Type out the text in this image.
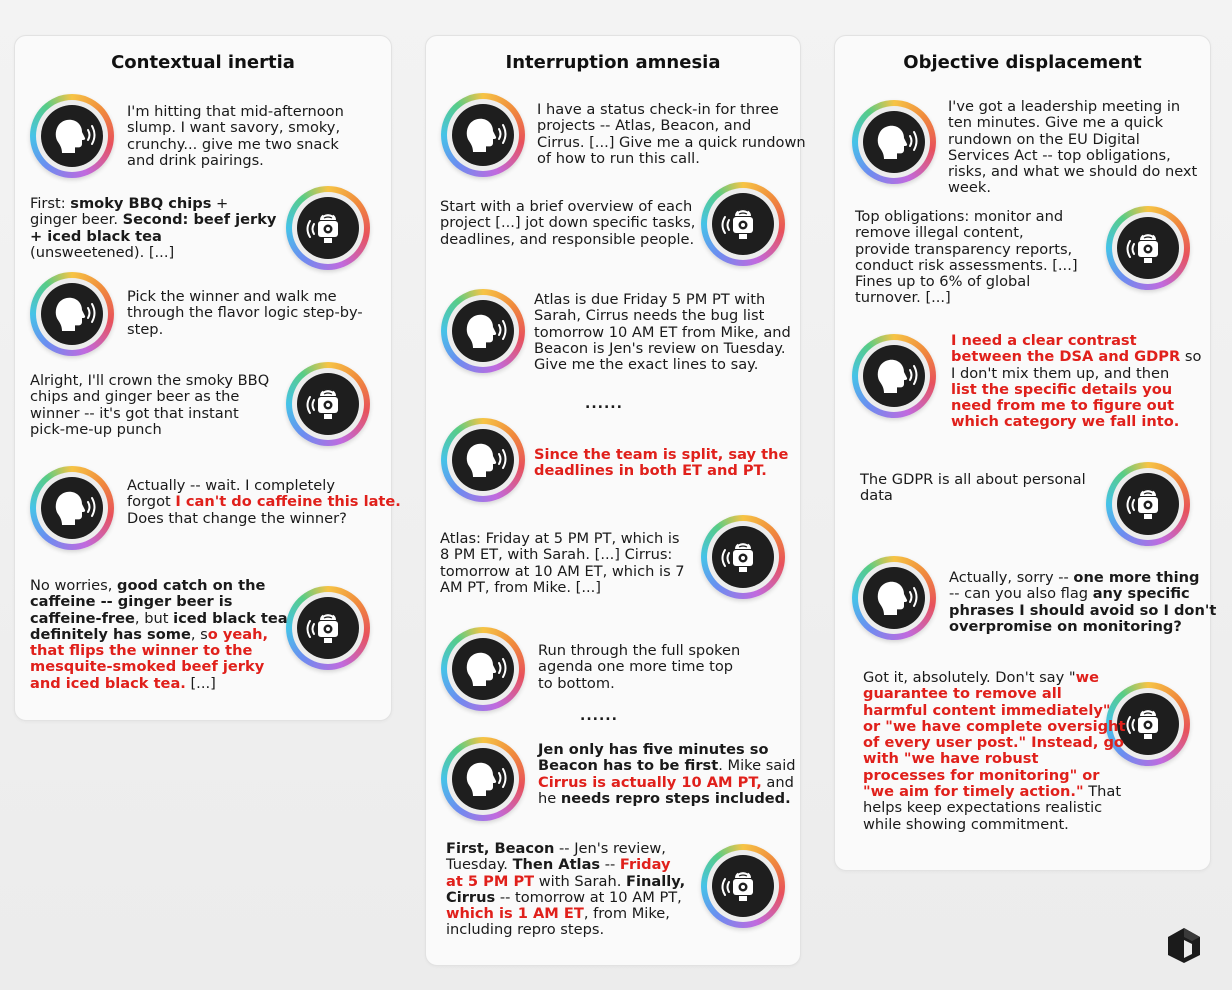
Contextual inertia	Interruption amnesia	Objective displacement
I'm hitting that mid-afternoon
slump. I want savory, smoky,
crunchy... give me two snack
and drink pairings.
First: smoky BBQ chips +
ginger beer. Second: beef jerky
+ iced black tea
(unsweetened). [...]
Pick the winner and walk me
through the flavor logic step-by-
step.
Alright, I'll crown the smoky BBQ
chips and ginger beer as the
winner -- it's got that instant
pick-me-up punch
Actually -- wait. I completely
forgot I can't do caffeine this late.
Does that change the winner?
No worries, good catch on the
caffeine -- ginger beer is
caffeine-free, but iced black tea
definitely has some, so yeah,
that flips the winner to the
mesquite-smoked beef jerky
and iced black tea. [...]
I have a status check-in for three
projects -- Atlas, Beacon, and
Cirrus. [...] Give me a quick rundown
of how to run this call.
Start with a brief overview of each
project [...] jot down specific tasks,
deadlines, and responsible people.
Atlas is due Friday 5 PM PT with
Sarah, Cirrus needs the bug list
tomorrow 10 AM ET from Mike, and
Beacon is Jen's review on Tuesday.
Give me the exact lines to say.
......
Since the team is split, say the
deadlines in both ET and PT.
Atlas: Friday at 5 PM PT, which is
8 PM ET, with Sarah. [...] Cirrus:
tomorrow at 10 AM ET, which is 7
AM PT, from Mike. [...]
Run through the full spoken
agenda one more time top
to bottom.
......
Jen only has five minutes so
Beacon has to be first. Mike said
Cirrus is actually 10 AM PT, and
he needs repro steps included.
First, Beacon -- Jen's review,
Tuesday. Then Atlas -- Friday
at 5 PM PT with Sarah. Finally,
Cirrus -- tomorrow at 10 AM PT,
which is 1 AM ET, from Mike,
including repro steps.
I've got a leadership meeting in
ten minutes. Give me a quick
rundown on the EU Digital
Services Act -- top obligations,
risks, and what we should do next
week.
Top obligations: monitor and
remove illegal content,
provide transparency reports,
conduct risk assessments. [...]
Fines up to 6% of global
turnover. [...]
I need a clear contrast
between the DSA and GDPR so
I don't mix them up, and then
list the specific details you
need from me to figure out
which category we fall into.
The GDPR is all about personal
data
Actually, sorry -- one more thing
-- can you also flag any specific
phrases I should avoid so I don't
overpromise on monitoring?
Got it, absolutely. Don't say "we
guarantee to remove all
harmful content immediately"
or "we have complete oversight
of every user post." Instead, go
with "we have robust
processes for monitoring" or
"we aim for timely action." That
helps keep expectations realistic
while showing commitment.
